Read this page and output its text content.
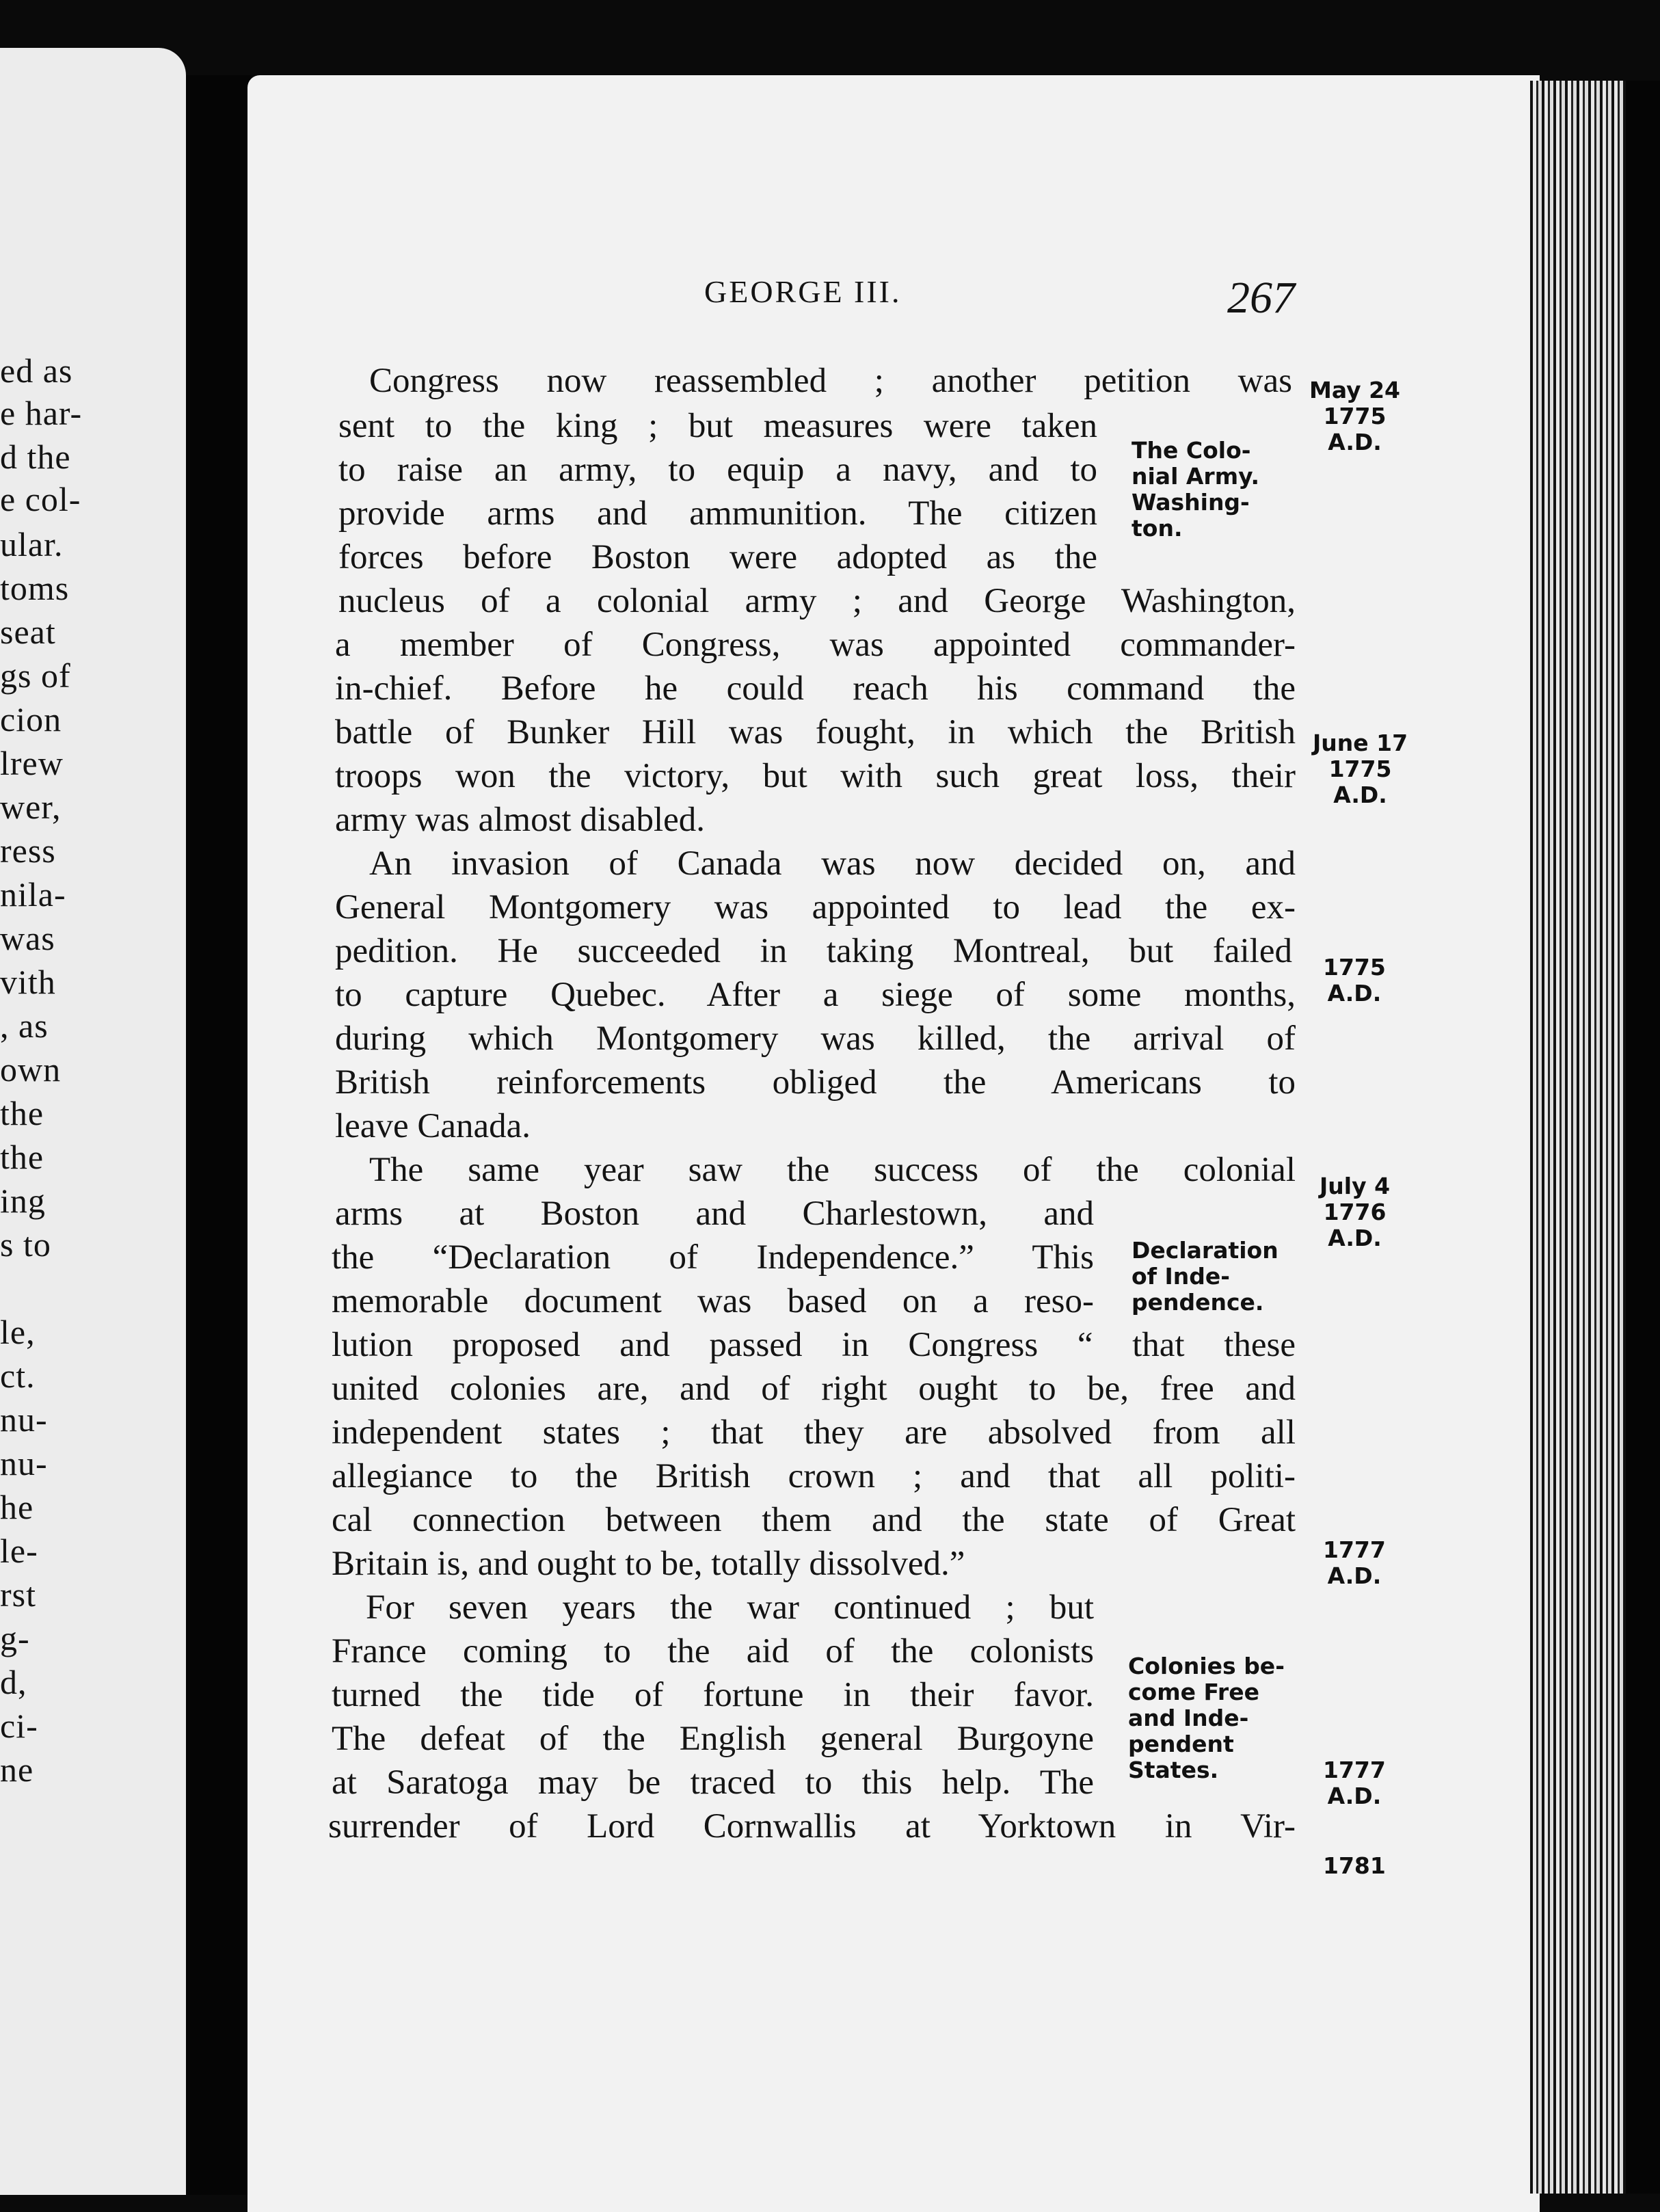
ed as
e har-
d the
e col-
ular.
toms
seat
gs of
cion
lrew
wer,
ress
nila-
was
vith
, as
own
the
the
ing
s to
le,
ct.
nu-
nu-
he
le-
rst
g-
d,
ci-
ne
GEORGE III.	267
Congress now reassembled ; another petition was
sent to the king ; but measures were taken
to raise an army, to equip a navy, and to
provide arms and ammunition. The citizen
forces before Boston were adopted as the
nucleus of a colonial army ; and George Washington,
a member of Congress, was appointed commander-
in-chief. Before he could reach his command the
battle of Bunker Hill was fought, in which the British
troops won the victory, but with such great loss, their
army was almost disabled.
An invasion of Canada was now decided on, and
General Montgomery was appointed to lead the ex-
pedition. He succeeded in taking Montreal, but failed
to capture Quebec. After a siege of some months,
during which Montgomery was killed, the arrival of
British reinforcements obliged the Americans to
leave Canada.
The same year saw the success of the colonial
arms at Boston and Charlestown, and
the “Declaration of Independence.” This
memorable document was based on a reso-
lution proposed and passed in Congress “ that these
united colonies are, and of right ought to be, free and
independent states ; that they are absolved from all
allegiance to the British crown ; and that all politi-
cal connection between them and the state of Great
Britain is, and ought to be, totally dissolved.”
For seven years the war continued ; but
France coming to the aid of the colonists
turned the tide of fortune in their favor.
The defeat of the English general Burgoyne
at Saratoga may be traced to this help. The
surrender of Lord Cornwallis at Yorktown in Vir-
The Colo-
nial Army.
Washing-
ton.
Declaration
of Inde-
pendence.
Colonies be-
come Free
and Inde-
pendent
States.
May 24
1775
A.D.
June 17
1775
A.D.
1775
A.D.
July 4
1776
A.D.
1777
A.D.
1777
A.D.
1781
